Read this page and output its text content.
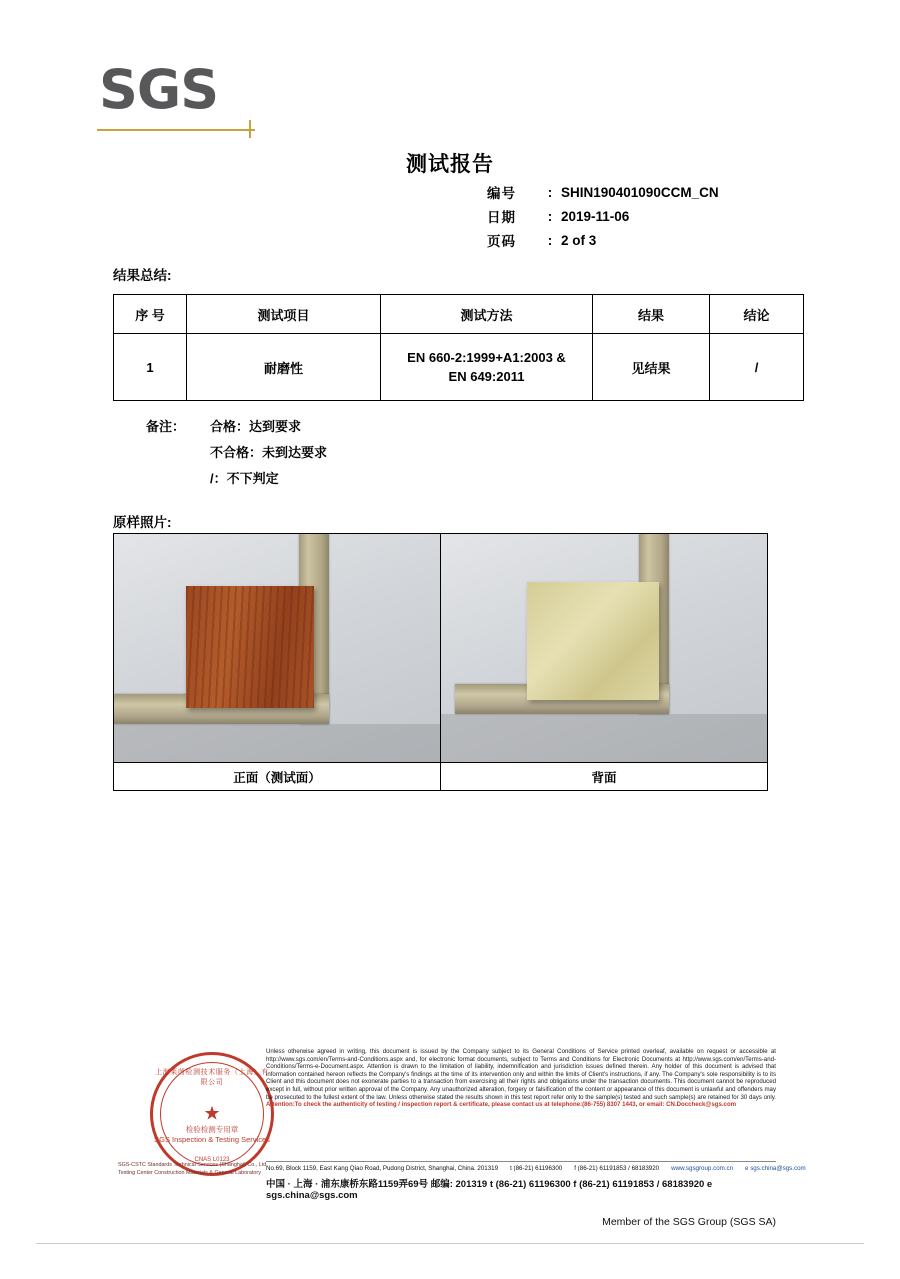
SGS
测试报告
编号	: SHIN190401090CCM_CN
日期	: 2019-11-06
页码	: 2 of 3
结果总结:
序 号	测试项目	测试方法	结果	结论
1	耐磨性	EN 660-2:1999+A1:2003 &
EN 649:2011	见结果	/
备注：	合格：达到要求
不合格：未到达要求
/：不下判定
原样照片:

正面（测试面）	背面
上海莱茵检测技术服务（上海）有限公司
★
检验检测专用章
SGS Inspection & Testing Services
CNAS L0123
Unless otherwise agreed in writing, this document is issued by the Company subject to its General Conditions of Service printed overleaf, available on request or accessible at http://www.sgs.com/en/Terms-and-Conditions.aspx and, for electronic format documents, subject to Terms and Conditions for Electronic Documents at http://www.sgs.com/en/Terms-and-Conditions/Terms-e-Document.aspx. Attention is drawn to the limitation of liability, indemnification and jurisdiction issues defined therein. Any holder of this document is advised that information contained hereon reflects the Company's findings at the time of its intervention only and within the limits of Client's instructions, if any. The Company's sole responsibility is to its Client and this document does not exonerate parties to a transaction from exercising all their rights and obligations under the transaction documents. This document cannot be reproduced except in full, without prior written approval of the Company. Any unauthorized alteration, forgery or falsification of the content or appearance of this document is unlawful and offenders may be prosecuted to the fullest extent of the law. Unless otherwise stated the results shown in this test report refer only to the sample(s) tested and such sample(s) are retained for 30 days only. Attention:To check the authenticity of testing / inspection report & certificate, please contact us at telephone:(86-755) 8307 1443, or email: CN.Doccheck@sgs.com
No.69, Block 1159, East Kang Qiao Road, Pudong District, Shanghai, China. 201319 t (86-21) 61196300 f (86-21) 61191853 / 68183920 www.sgsgroup.com.cn e sgs.china@sgs.com
中国 · 上海 · 浦东康桥东路1159弄69号 邮编: 201319 t (86-21) 61196300 f (86-21) 61191853 / 68183920 e sgs.china@sgs.com
SGS-CSTC Standards Technical Services (Shanghai) Co., Ltd. Testing Center Construction Materials & General Laboratory
Member of the SGS Group (SGS SA)
